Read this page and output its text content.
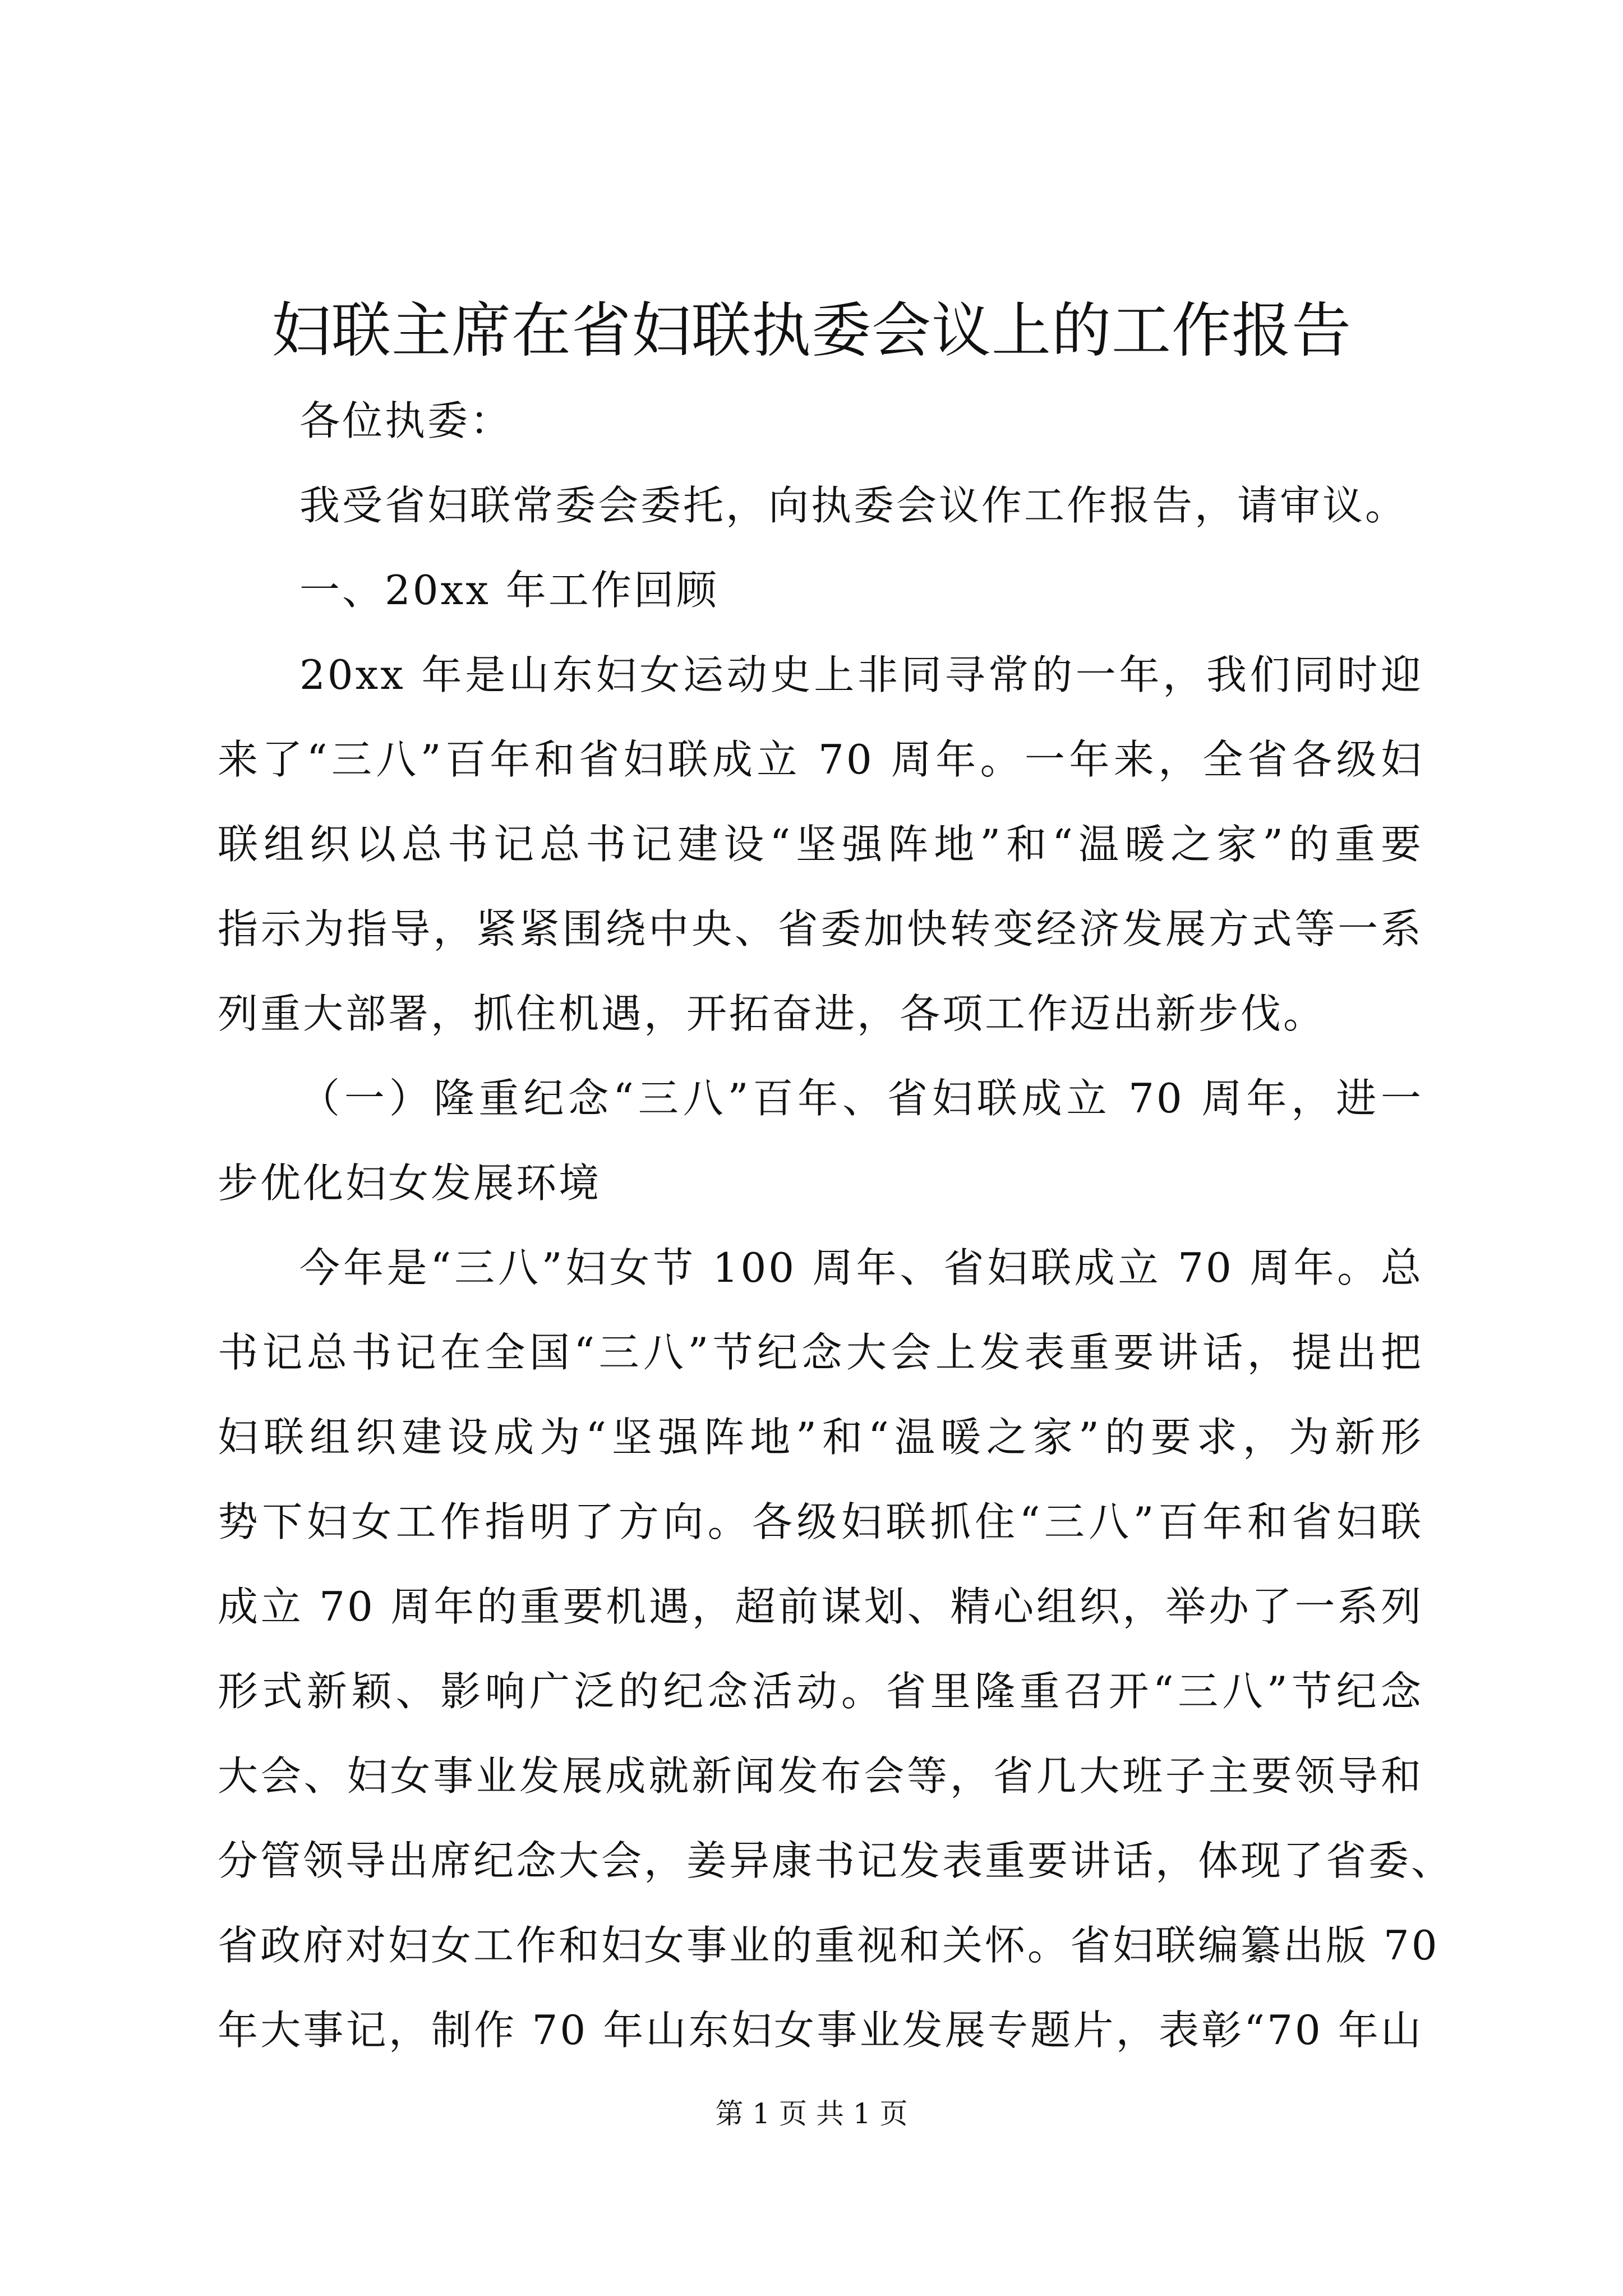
妇联主席在省妇联执委会议上的工作报告

各位执委：

我受省妇联常委会委托，向执委会议作工作报告，请审议。

一、20xx 年工作回顾

20xx 年是山东妇女运动史上非同寻常的一年，我们同时迎

来了“三八”百年和省妇联成立 70 周年。一年来，全省各级妇

联组织以总书记总书记建设“坚强阵地”和“温暖之家”的重要

指示为指导，紧紧围绕中央、省委加快转变经济发展方式等一系

列重大部署，抓住机遇，开拓奋进，各项工作迈出新步伐。

（一）隆重纪念“三八”百年、省妇联成立 70 周年，进一

步优化妇女发展环境

今年是“三八”妇女节 100 周年、省妇联成立 70 周年。总

书记总书记在全国“三八”节纪念大会上发表重要讲话，提出把

妇联组织建设成为“坚强阵地”和“温暖之家”的要求，为新形

势下妇女工作指明了方向。各级妇联抓住“三八”百年和省妇联

成立 70 周年的重要机遇，超前谋划、精心组织，举办了一系列

形式新颖、影响广泛的纪念活动。省里隆重召开“三八”节纪念

大会、妇女事业发展成就新闻发布会等，省几大班子主要领导和

分管领导出席纪念大会，姜异康书记发表重要讲话，体现了省委、

省政府对妇女工作和妇女事业的重视和关怀。省妇联编纂出版 70

年大事记，制作 70 年山东妇女事业发展专题片，表彰“70 年山

第 1 页 共 1 页
